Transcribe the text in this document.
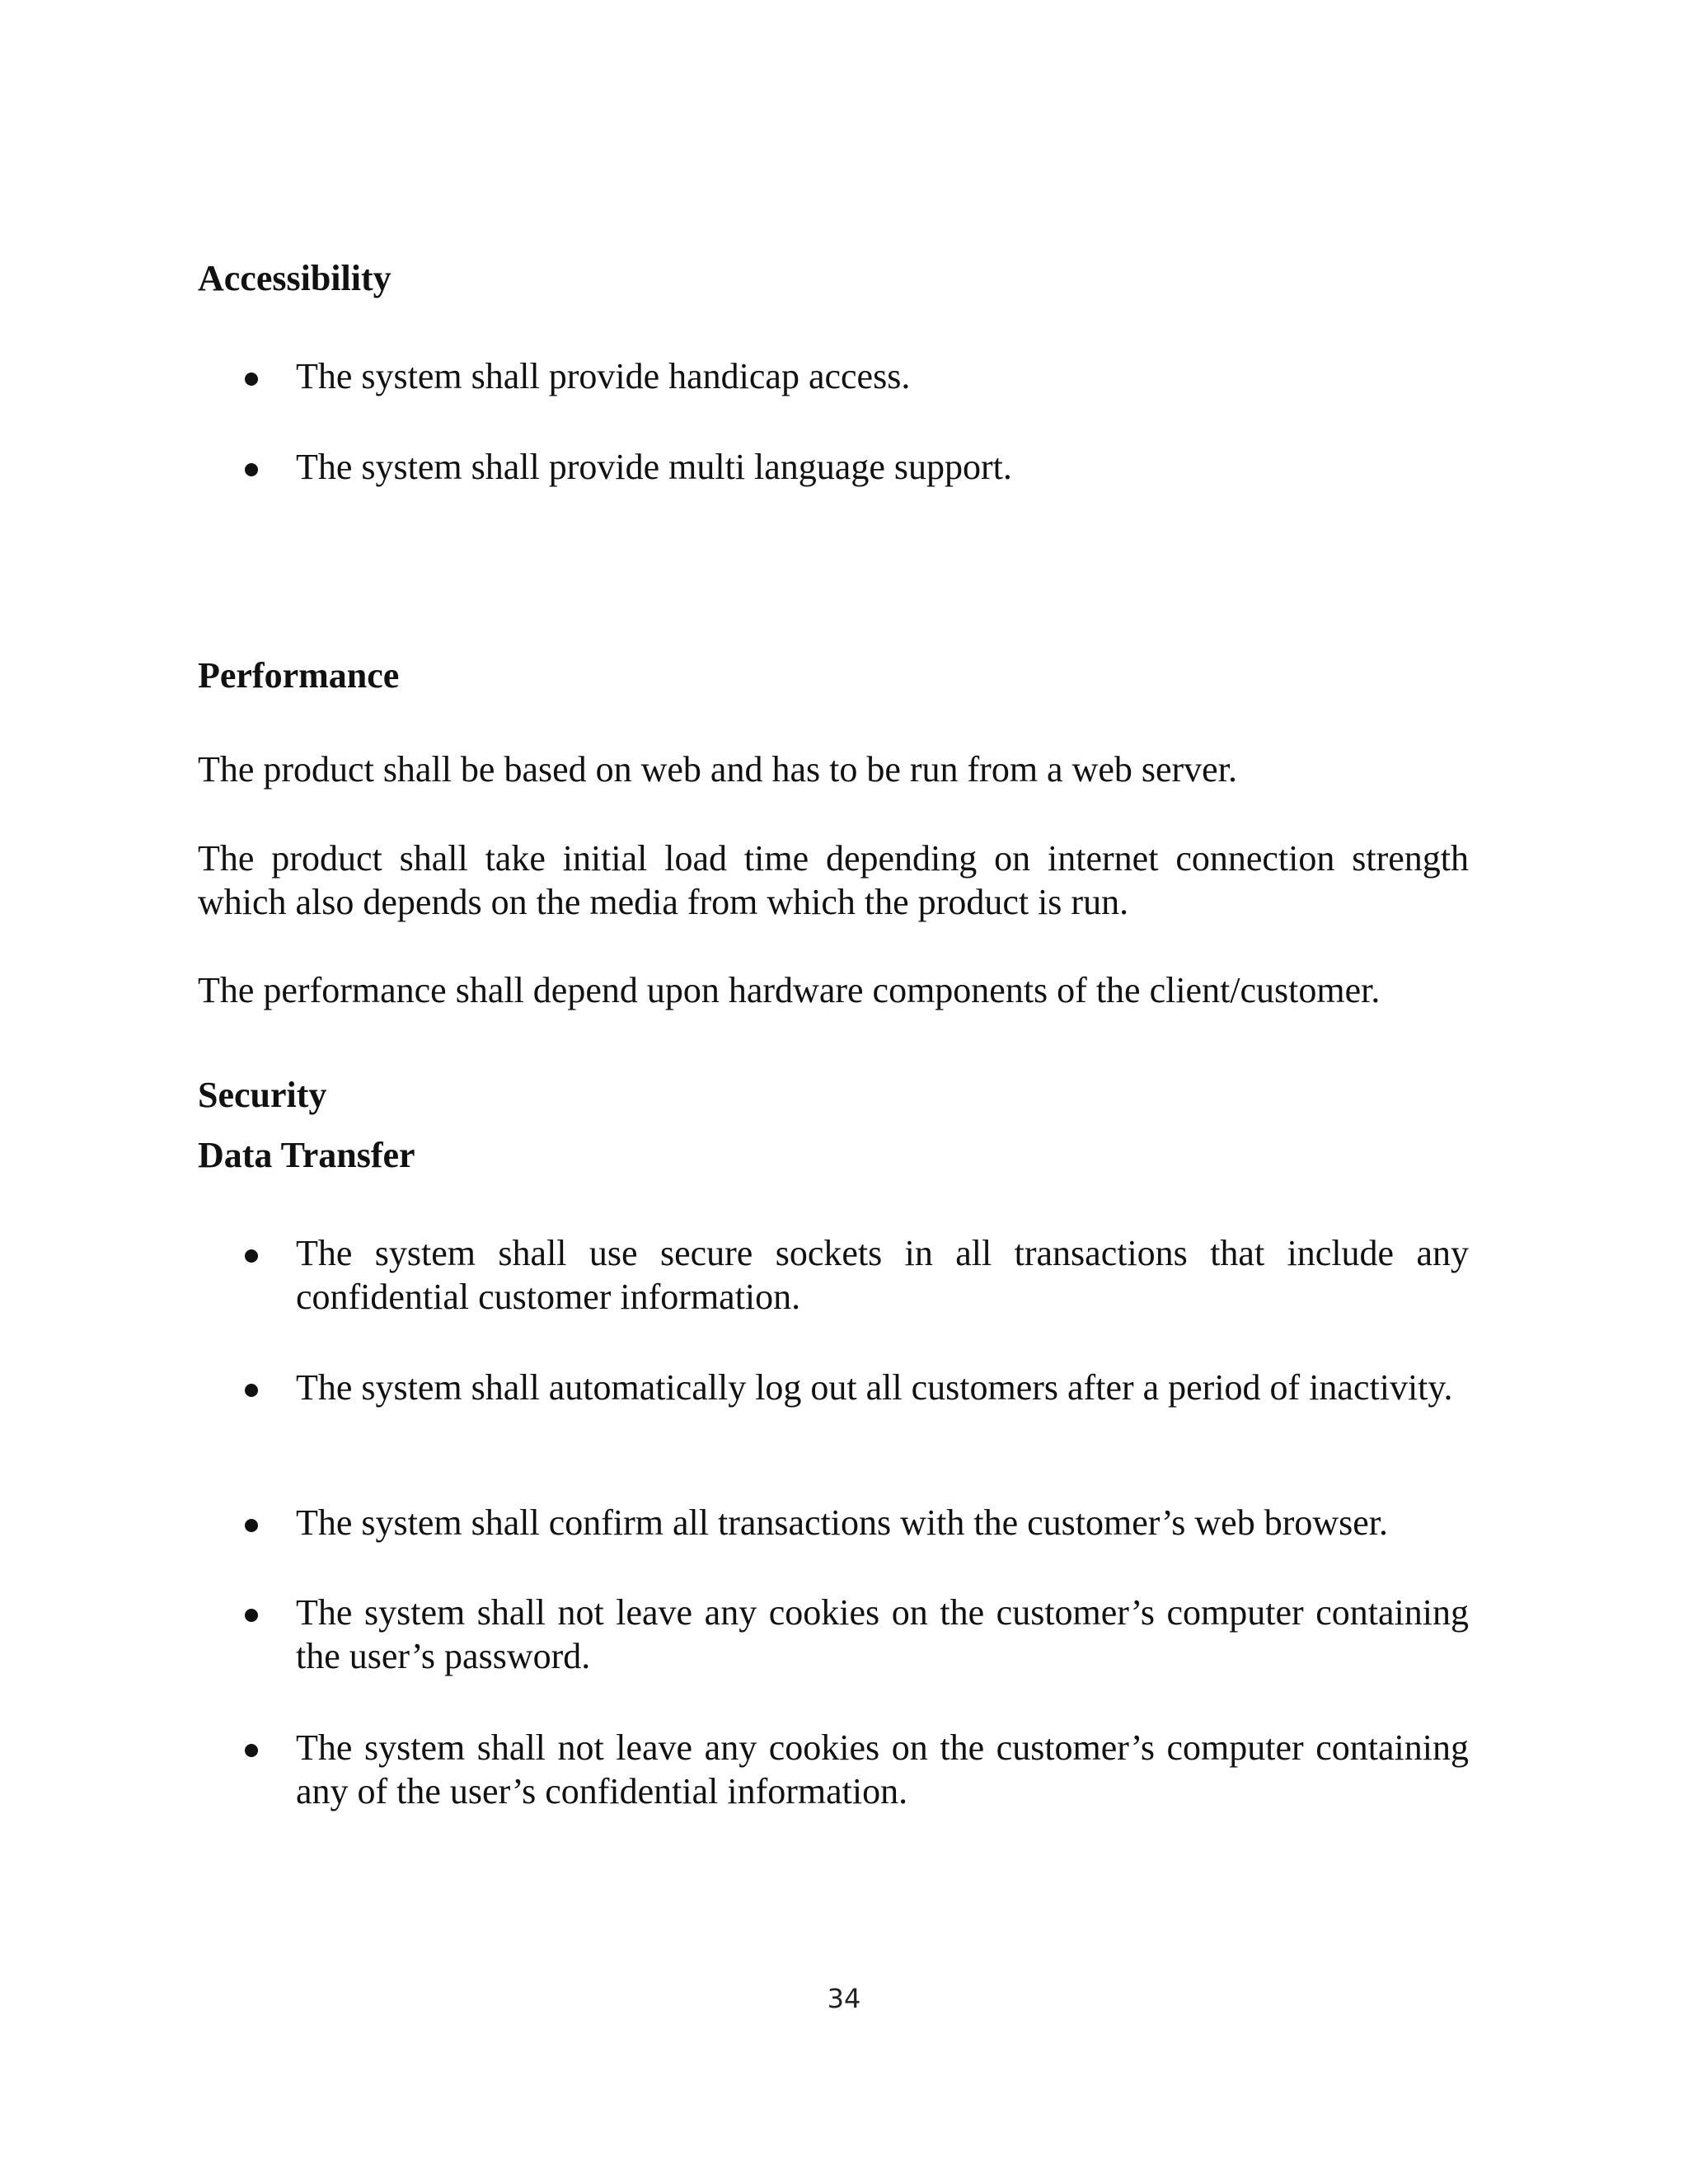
Accessibility
The system shall provide handicap access.
The system shall provide multi language support.
Performance
The product shall be based on web and has to be run from a web server.
The product shall take initial load time depending on internet connection strength which also depends on the media from which the product is run.
The performance shall depend upon hardware components of the client/customer.
Security
Data Transfer
The system shall use secure sockets in all transactions that include any confidential customer information.
The system shall automatically log out all customers after a period of inactivity.
The system shall confirm all transactions with the customer’s web browser.
The system shall not leave any cookies on the customer’s computer containing the user’s password.
The system shall not leave any cookies on the customer’s computer containing any of the user’s confidential information.
34
